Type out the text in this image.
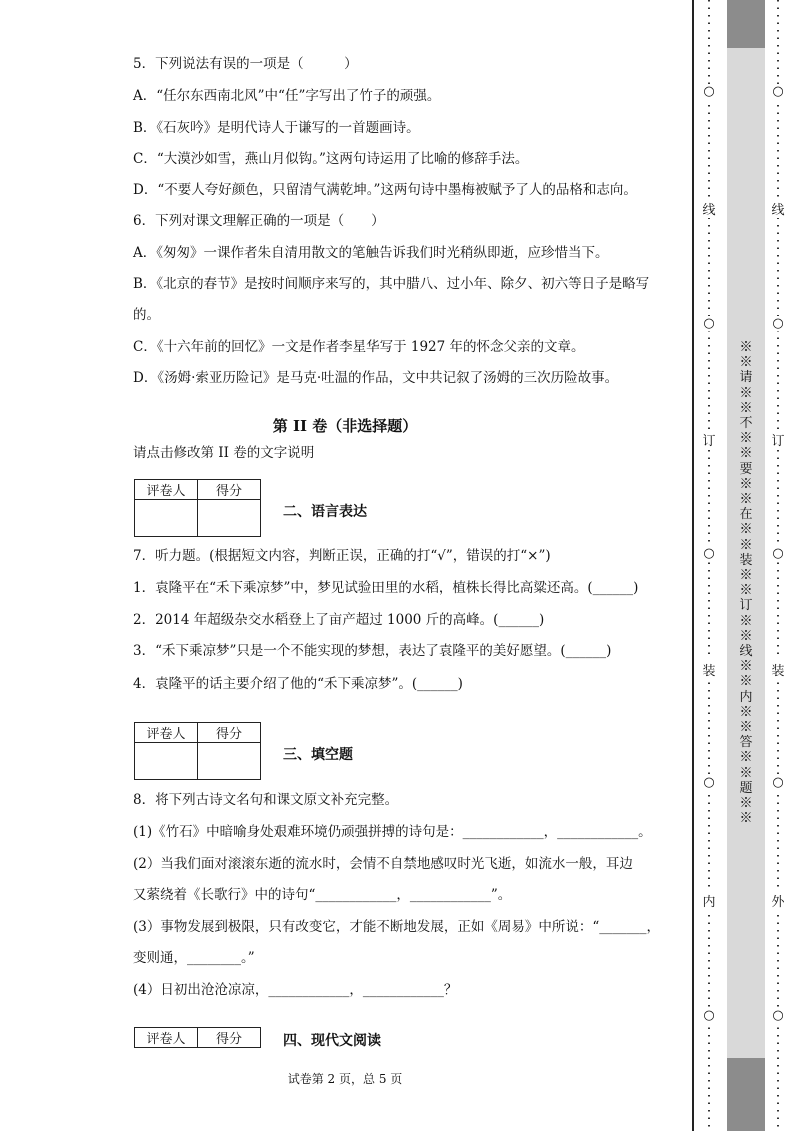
5．下列说法有误的一项是（　　　）
A．“任尔东西南北风”中“任”字写出了竹子的顽强。
B．《石灰吟》是明代诗人于谦写的一首题画诗。
C．“大漠沙如雪，燕山月似钩。”这两句诗运用了比喻的修辞手法。
D．“不要人夸好颜色，只留清气满乾坤。”这两句诗中墨梅被赋予了人的品格和志向。
6．下列对课文理解正确的一项是（　　）
A．《匆匆》一课作者朱自清用散文的笔触告诉我们时光稍纵即逝，应珍惜当下。
B．《北京的春节》是按时间顺序来写的，其中腊八、过小年、除夕、初六等日子是略写
的。
C．《十六年前的回忆》一文是作者李星华写于 1927 年的怀念父亲的文章。
D．《汤姆·索亚历险记》是马克·吐温的作品，文中共记叙了汤姆的三次历险故事。
第 II 卷（非选择题）
请点击修改第 II 卷的文字说明
评卷人	得分

二、语言表达
7．听力题。(根据短文内容，判断正误，正确的打“√”，错误的打“×”)
1．袁隆平在“禾下乘凉梦”中，梦见试验田里的水稻，植株长得比高粱还高。(______)
2．2014 年超级杂交水稻登上了亩产超过 1000 斤的高峰。(______)
3．“禾下乘凉梦”只是一个不能实现的梦想，表达了袁隆平的美好愿望。(______)
4．袁隆平的话主要介绍了他的“禾下乘凉梦”。(______)
评卷人	得分

三、填空题
8．将下列古诗文名句和课文原文补充完整。
(1)《竹石》中暗喻身处艰难环境仍顽强拼搏的诗句是：____________，____________。
(2）当我们面对滚滚东逝的流水时，会情不自禁地感叹时光飞逝，如流水一般，耳边
又萦绕着《长歌行》中的诗句“____________，____________”。
(3）事物发展到极限，只有改变它，才能不断地发展，正如《周易》中所说：“_______，
变则通，________。”
(4）日初出沧沧凉凉，____________，____________？
评卷人	得分	四、现代文阅读
试卷第 2 页，总 5 页
※※请※※不※※要※※在※※装※※订※※线※※内※※答※※题※※
○
线
○
订
○
装
○
内
○
○
线
○
订
○
装
○
外
○
